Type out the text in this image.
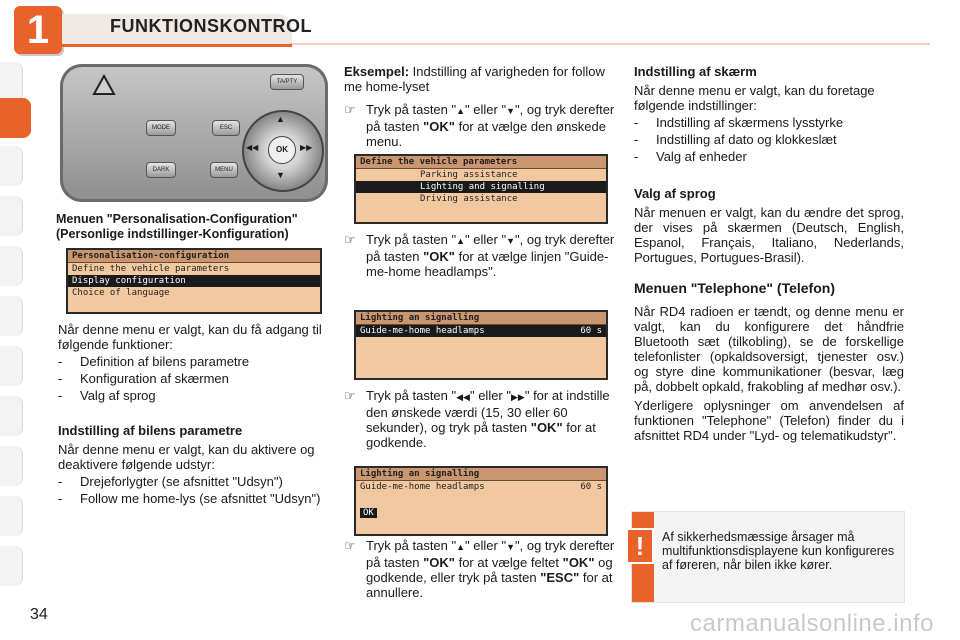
1	FUNKTIONSKONTROL
MODE
DARK
ESC
MENU
TA/PTY
OK
▲
▼
◀◀	▶▶
Menuen "Personalisation-Configuration" (Personlige indstillinger-Konfiguration)
Personalisation-configuration
Define the vehicle parameters
Display configuration
Choice of language
Når denne menu er valgt, kan du få adgang til følgende funktioner:
-	Definition af bilens parametre
-	Konfiguration af skærmen
-	Valg af sprog
Indstilling af bilens parametre
Når denne menu er valgt, kan du aktivere og deaktivere følgende udstyr:
-	Drejeforlygter (se afsnittet "Udsyn")
-	Follow me home-lys (se afsnittet "Udsyn")
Eksempel: Indstilling af varigheden for follow me home-lyset
☞ Tryk på tasten "▲" eller "▼", og tryk derefter på tasten "OK" for at vælge den ønskede menu.
Define the vehicle parameters
Parking assistance
Lighting and signalling
Driving assistance
☞ Tryk på tasten "▲" eller "▼", og tryk derefter på tasten "OK" for at vælge linjen "Guide-me-home headlamps".
Lighting an signalling
Guide-me-home headlamps	60 s
☞ Tryk på tasten "◀◀" eller "▶▶" for at indstille den ønskede værdi (15, 30 eller 60 sekunder), og tryk på tasten "OK" for at godkende.
Lighting an signalling
Guide-me-home headlamps	60 s
OK
☞ Tryk på tasten "▲" eller "▼", og tryk derefter på tasten "OK" for at vælge feltet "OK" og godkende, eller tryk på tasten "ESC" for at annullere.
Indstilling af skærm
Når denne menu er valgt, kan du foretage følgende indstillinger:
-	Indstilling af skærmens lysstyrke
-	Indstilling af dato og klokkeslæt
-	Valg af enheder
Valg af sprog
Når menuen er valgt, kan du ændre det sprog, der vises på skærmen (Deutsch, English, Espanol, Français, Italiano, Nederlands, Portugues, Portugues-Brasil).
Menuen "Telephone" (Telefon)
Når RD4 radioen er tændt, og denne menu er valgt, kan du konfigurere det håndfrie Bluetooth sæt (tilkobling), se de forskellige telefonlister (opkaldsoversigt, tjenester osv.) og styre dine kommunikationer (besvar, læg på, dobbelt opkald, frakobling af medhør osv.).
Yderligere oplysninger om anvendelsen af funktionen "Telephone" (Telefon) finder du i afsnittet RD4 under "Lyd- og telematikudstyr".
!	Af sikkerhedsmæssige årsager må multifunktionsdisplayene kun konfigureres af føreren, når bilen ikke kører.
34	carmanualsonline.info
